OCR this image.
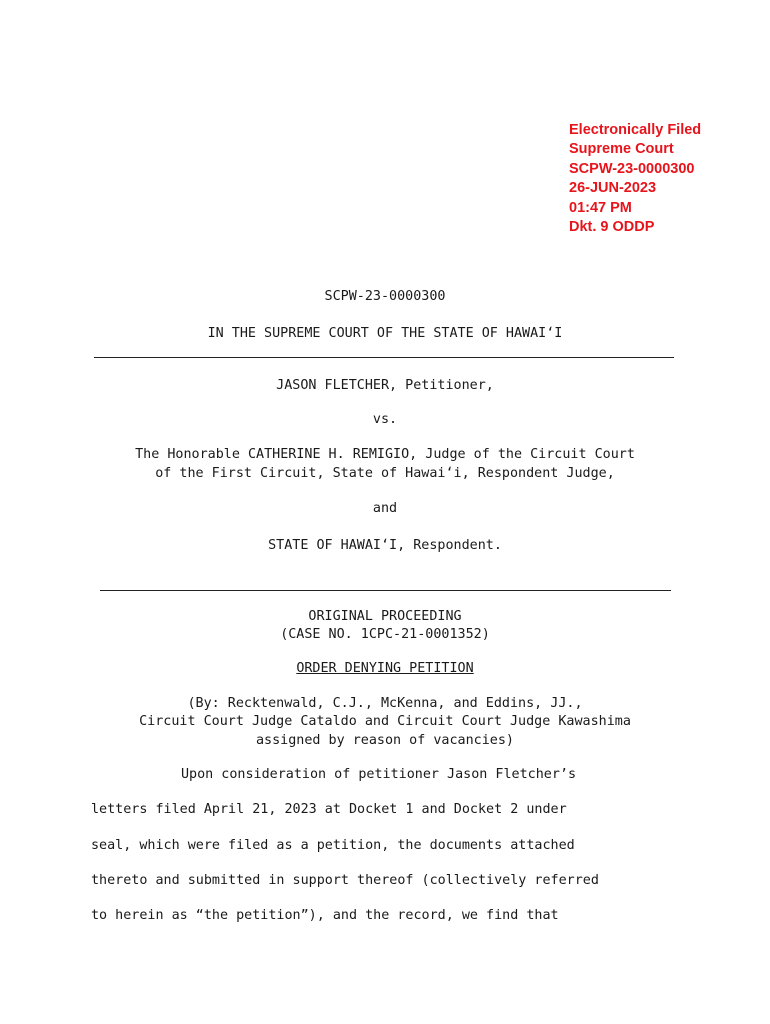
Electronically Filed
Supreme Court
SCPW-23-0000300
26-JUN-2023
01:47 PM
Dkt. 9 ODDP
SCPW-23-0000300
IN THE SUPREME COURT OF THE STATE OF HAWAIʻI
JASON FLETCHER, Petitioner,
vs.
The Honorable CATHERINE H. REMIGIO, Judge of the Circuit Court
of the First Circuit, State of Hawaiʻi, Respondent Judge,
and
STATE OF HAWAIʻI, Respondent.
ORIGINAL PROCEEDING
(CASE NO. 1CPC-21-0001352)
ORDER DENYING PETITION
(By: Recktenwald, C.J., McKenna, and Eddins, JJ.,
Circuit Court Judge Cataldo and Circuit Court Judge Kawashima
assigned by reason of vacancies)
Upon consideration of petitioner Jason Fletcher’s
letters filed April 21, 2023 at Docket 1 and Docket 2 under
seal, which were filed as a petition, the documents attached
thereto and submitted in support thereof (collectively referred
to herein as “the petition”), and the record, we find that
